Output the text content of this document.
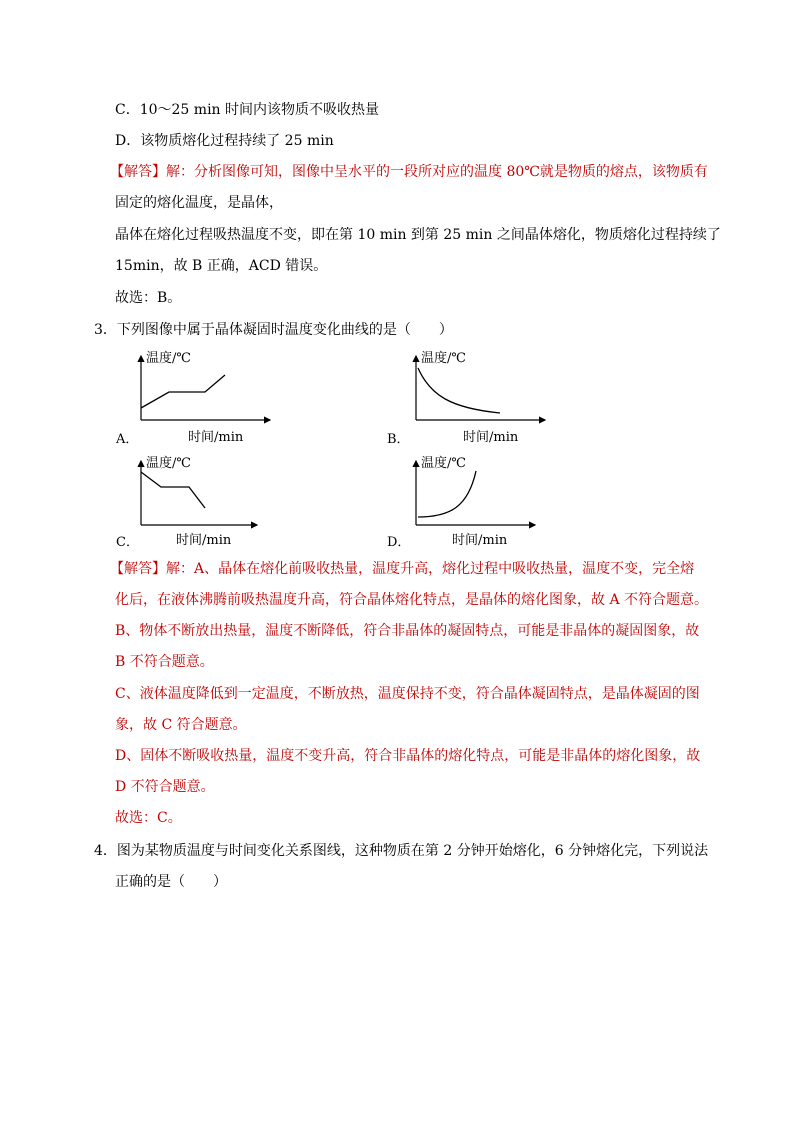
C．10～25 min 时间内该物质不吸收热量
D．该物质熔化过程持续了 25 min
【解答】解：分析图像可知，图像中呈水平的一段所对应的温度 80℃就是物质的熔点，该物质有
固定的熔化温度，是晶体，
晶体在熔化过程吸热温度不变，即在第 10 min 到第 25 min 之间晶体熔化，物质熔化过程持续了
15min，故 B 正确，ACD 错误。
故选：B。
3．下列图像中属于晶体凝固时温度变化曲线的是（　　）
温度/℃
时间/min
A．
温度/℃
时间/min
B．
温度/℃
时间/min
C．
温度/℃
时间/min
D．
【解答】解：A、晶体在熔化前吸收热量，温度升高，熔化过程中吸收热量，温度不变，完全熔
化后，在液体沸腾前吸热温度升高，符合晶体熔化特点，是晶体的熔化图象，故 A 不符合题意。
B、物体不断放出热量，温度不断降低，符合非晶体的凝固特点，可能是非晶体的凝固图象，故
B 不符合题意。
C、液体温度降低到一定温度，不断放热，温度保持不变，符合晶体凝固特点，是晶体凝固的图
象，故 C 符合题意。
D、固体不断吸收热量，温度不变升高，符合非晶体的熔化特点，可能是非晶体的熔化图象，故
D 不符合题意。
故选：C。
4．图为某物质温度与时间变化关系图线，这种物质在第 2 分钟开始熔化，6 分钟熔化完，下列说法
正确的是（　　）
